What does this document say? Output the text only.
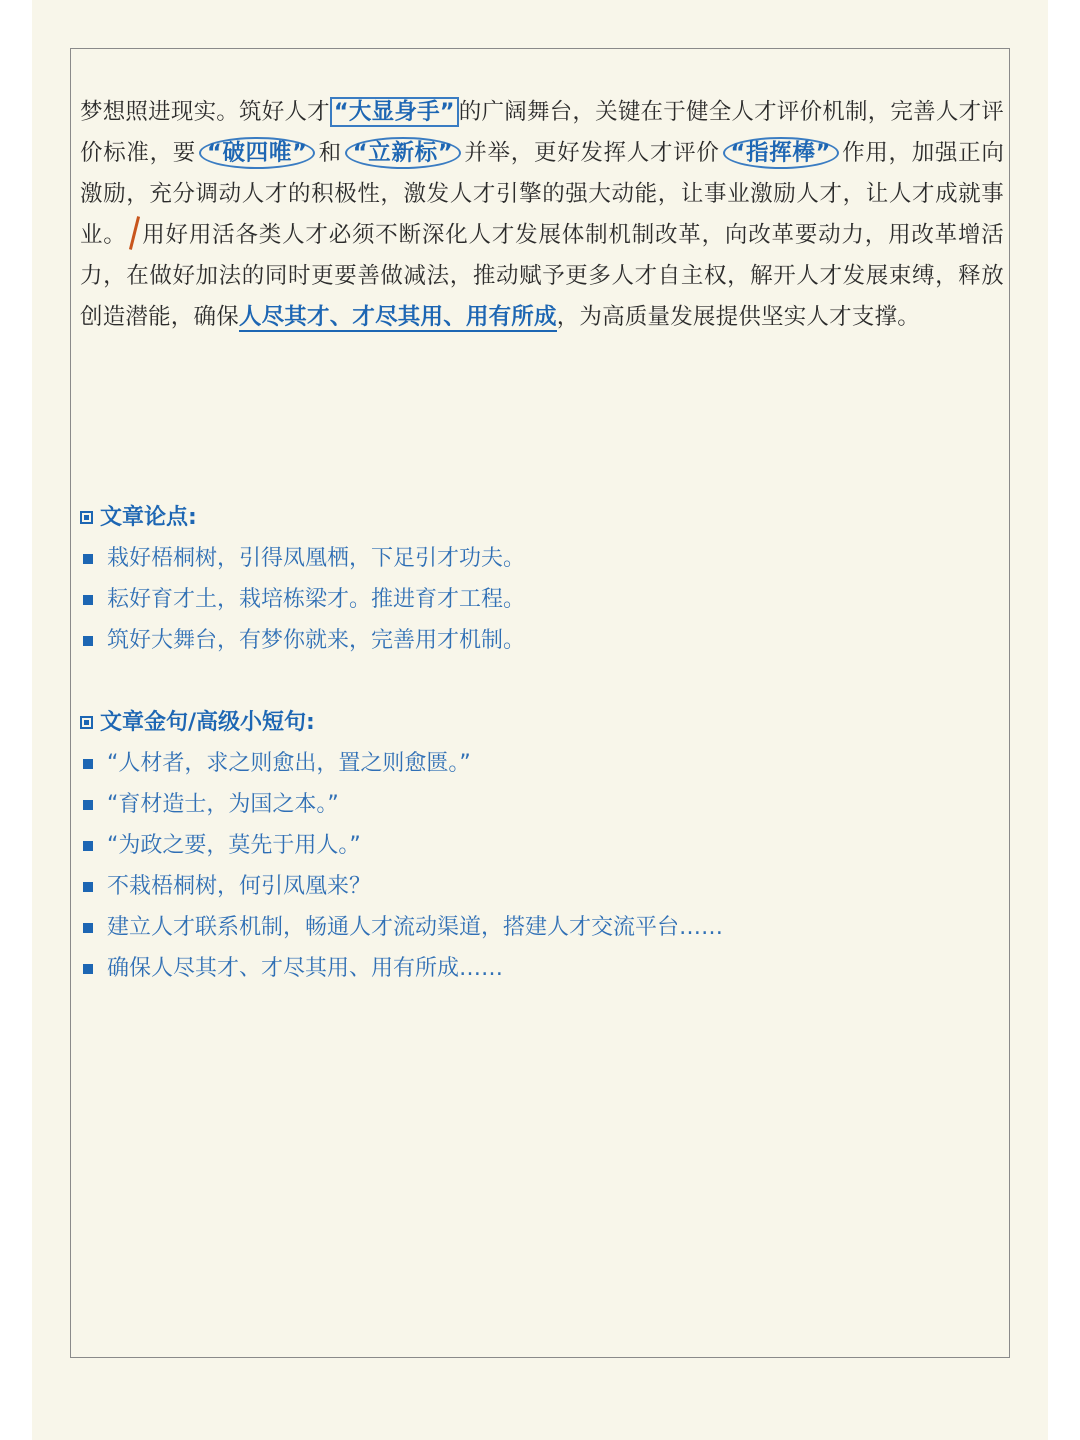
梦想照进现实。筑好人才 “大显身手” 的广阔舞台，关键在于健全人才评价机制，完善人才评价标准，要 “破四唯” 和 “立新标” 并举，更好发挥人才评价 “指挥棒” 作用，加强正向激励，充分调动人才的积极性，激发人才引擎的强大动能，让事业激励人才，让人才成就事业。 用好用活各类人才必须不断深化人才发展体制机制改革，向改革要动力，用改革增活力，在做好加法的同时更要善做减法，推动赋予更多人才自主权，解开人才发展束缚，释放创造潜能，确保人尽其才、才尽其用、用有所成，为高质量发展提供坚实人才支撑。
文章论点:
栽好梧桐树，引得凤凰栖，下足引才功夫。
耘好育才土，栽培栋梁才。推进育才工程。
筑好大舞台，有梦你就来，完善用才机制。
文章金句/高级小短句:
“人材者，求之则愈出，置之则愈匮。”
“育材造士，为国之本。”
“为政之要，莫先于用人。”
不栽梧桐树，何引凤凰来？
建立人才联系机制，畅通人才流动渠道，搭建人才交流平台……
确保人尽其才、才尽其用、用有所成……
